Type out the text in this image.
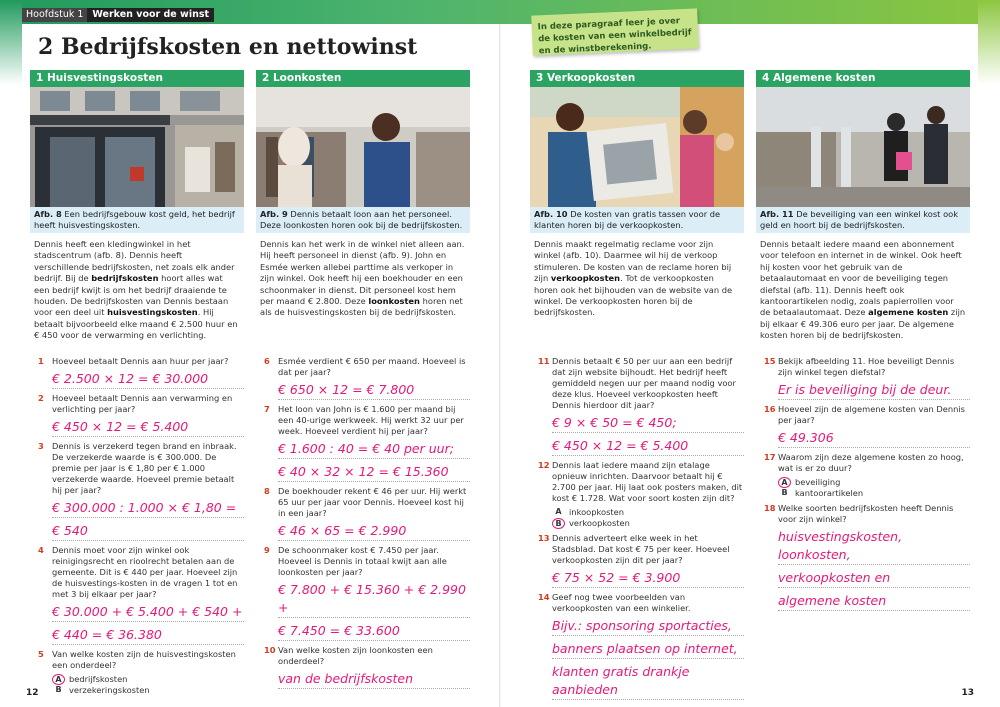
Hoofdstuk 1 Werken voor de winst
2 Bedrijfskosten en nettowinst
In deze paragraaf leer je over de kosten van een winkelbedrijf en de winstberekening.
1 Huisvestingskosten
Afb. 8 Een bedrijfsgebouw kost geld, het bedrijf heeft huisvestingskosten.
Dennis heeft een kledingwinkel in het stadscentrum (afb. 8). Dennis heeft verschillende bedrijfskosten, net zoals elk ander bedrijf. Bij de bedrijfskosten hoort alles wat een bedrijf kwijt is om het bedrijf draaiende te houden. De bedrijfskosten van Dennis bestaan voor een deel uit huisvestingskosten. Hij betaalt bijvoorbeeld elke maand € 2.500 huur en € 450 voor de verwarming en verlichting.
2 Loonkosten
Afb. 9 Dennis betaalt loon aan het personeel. Deze loonkosten horen ook bij de bedrijfskosten.
Dennis kan het werk in de winkel niet alleen aan. Hij heeft personeel in dienst (afb. 9). John en Esmée werken allebei parttime als verkoper in zijn winkel. Ook heeft hij een boekhouder en een schoonmaker in dienst. Dit personeel kost hem per maand € 2.800. Deze loonkosten horen net als de huisvestingskosten bij de bedrijfskosten.
3 Verkoopkosten
Afb. 10 De kosten van gratis tassen voor de klanten horen bij de verkoopkosten.
Dennis maakt regelmatig reclame voor zijn winkel (afb. 10). Daarmee wil hij de verkoop stimuleren. De kosten van de reclame horen bij zijn verkoopkosten. Tot de verkoopkosten horen ook het bijhouden van de website van de winkel. De verkoopkosten horen bij de bedrijfskosten.
4 Algemene kosten
Afb. 11 De beveiliging van een winkel kost ook geld en hoort bij de bedrijfskosten.
Dennis betaalt iedere maand een abonnement voor telefoon en internet in de winkel. Ook heeft hij kosten voor het gebruik van de betaalautomaat en voor de beveiliging tegen diefstal (afb. 11). Dennis heeft ook kantoorartikelen nodig, zoals papierrollen voor de betaalautomaat. Deze algemene kosten zijn bij elkaar € 49.306 euro per jaar. De algemene kosten horen bij de bedrijfskosten.
1 Hoeveel betaalt Dennis aan huur per jaar?
€ 2.500 × 12 = € 30.000
2 Hoeveel betaalt Dennis aan verwarming en verlichting per jaar?
€ 450 × 12 = € 5.400
3 Dennis is verzekerd tegen brand en inbraak. De verzekerde waarde is € 300.000. De premie per jaar is € 1,80 per € 1.000 verzekerde waarde. Hoeveel premie betaalt hij per jaar?
€ 300.000 : 1.000 × € 1,80 =
€ 540
4 Dennis moet voor zijn winkel ook reinigingsrecht en rioolrecht betalen aan de gemeente. Dit is € 440 per jaar. Hoeveel zijn de huisvestings-kosten in de vragen 1 tot en met 3 bij elkaar per jaar?
€ 30.000 + € 5.400 + € 540 +
€ 440 = € 36.380
5 Van welke kosten zijn de huisvestingskosten een onderdeel?
A bedrijfskosten
B verzekeringskosten
6 Esmée verdient € 650 per maand. Hoeveel is dat per jaar?
€ 650 × 12 = € 7.800
7 Het loon van John is € 1.600 per maand bij een 40-urige werkweek. Hij werkt 32 uur per week. Hoeveel verdient hij per jaar?
€ 1.600 : 40 = € 40 per uur;
€ 40 × 32 × 12 = € 15.360
8 De boekhouder rekent € 46 per uur. Hij werkt 65 uur per jaar voor Dennis. Hoeveel kost hij in een jaar?
€ 46 × 65 = € 2.990
9 De schoonmaker kost € 7.450 per jaar. Hoeveel is Dennis in totaal kwijt aan alle loonkosten per jaar?
€ 7.800 + € 15.360 + € 2.990 +
€ 7.450 = € 33.600
10 Van welke kosten zijn loonkosten een onderdeel?
van de bedrijfskosten
11 Dennis betaalt € 50 per uur aan een bedrijf dat zijn website bijhoudt. Het bedrijf heeft gemiddeld negen uur per maand nodig voor deze klus. Hoeveel verkoopkosten heeft Dennis hierdoor dit jaar?
€ 9 × € 50 = € 450;
€ 450 × 12 = € 5.400
12 Dennis laat iedere maand zijn etalage opnieuw inrichten. Daarvoor betaalt hij € 2.700 per jaar. Hij laat ook posters maken, dit kost € 1.728. Wat voor soort kosten zijn dit?
A inkoopkosten
B verkoopkosten
13 Dennis adverteert elke week in het Stadsblad. Dat kost € 75 per keer. Hoeveel verkoopkosten zijn dit per jaar?
€ 75 × 52 = € 3.900
14 Geef nog twee voorbeelden van verkoopkosten van een winkelier.
Bijv.: sponsoring sportacties,
banners plaatsen op internet,
klanten gratis drankje aanbieden
15 Bekijk afbeelding 11. Hoe beveiligt Dennis zijn winkel tegen diefstal?
Er is beveiliging bij de deur.
16 Hoeveel zijn de algemene kosten van Dennis per jaar?
€ 49.306
17 Waarom zijn deze algemene kosten zo hoog, wat is er zo duur?
A beveiliging
B kantoorartikelen
18 Welke soorten bedrijfskosten heeft Dennis voor zijn winkel?
huisvestingskosten, loonkosten,
verkoopkosten en
algemene kosten
12	13
